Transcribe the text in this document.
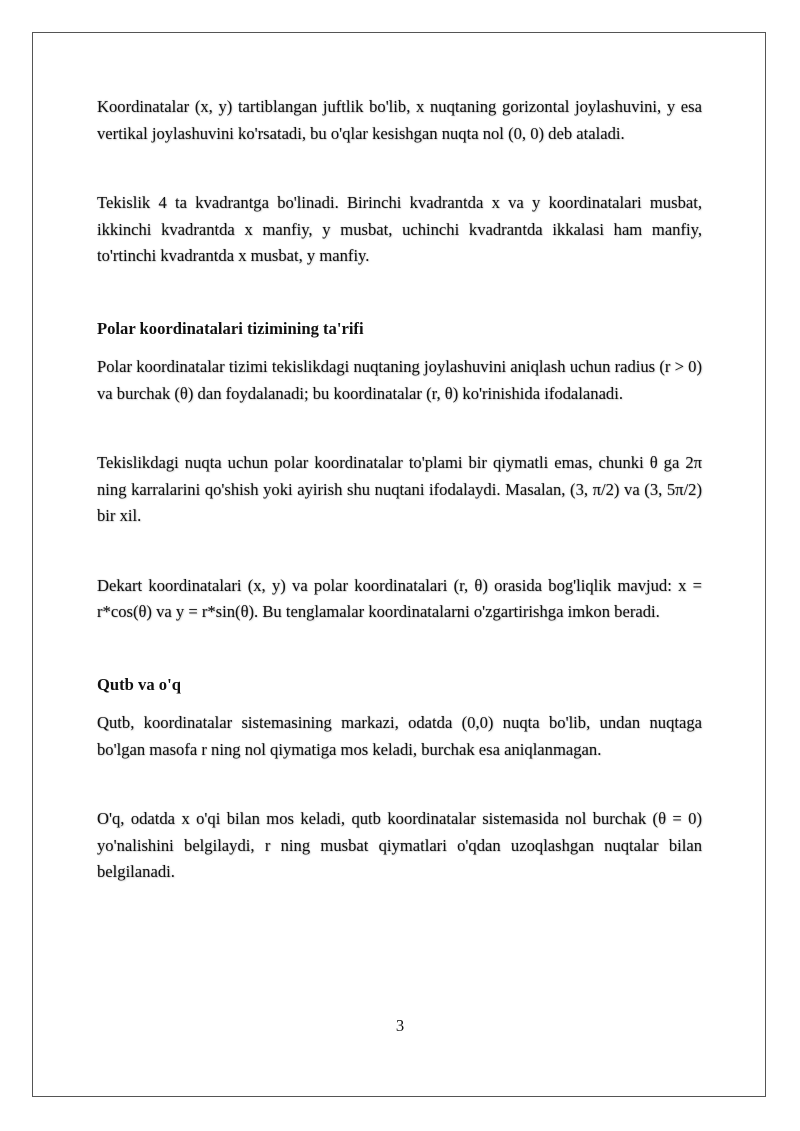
Koordinatalar (x, y) tartiblangan juftlik bo'lib, x nuqtaning gorizontal joylashuvini, y esa vertikal joylashuvini ko'rsatadi, bu o'qlar kesishgan nuqta nol (0, 0) deb ataladi.

Tekislik 4 ta kvadrantga bo'linadi. Birinchi kvadrantda x va y koordinatalari musbat, ikkinchi kvadrantda x manfiy, y musbat, uchinchi kvadrantda ikkalasi ham manfiy, to'rtinchi kvadrantda x musbat, y manfiy.

Polar koordinatalari tizimining ta'rifi

Polar koordinatalar tizimi tekislikdagi nuqtaning joylashuvini aniqlash uchun radius (r > 0) va burchak (θ) dan foydalanadi; bu koordinatalar (r, θ) ko'rinishida ifodalanadi.

Tekislikdagi nuqta uchun polar koordinatalar to'plami bir qiymatli emas, chunki θ ga 2π ning karralarini qo'shish yoki ayirish shu nuqtani ifodalaydi. Masalan, (3, π/2) va (3, 5π/2) bir xil.

Dekart koordinatalari (x, y) va polar koordinatalari (r, θ) orasida bog'liqlik mavjud: x = r*cos(θ) va y = r*sin(θ). Bu tenglamalar koordinatalarni o'zgartirishga imkon beradi.

Qutb va o'q

Qutb, koordinatalar sistemasining markazi, odatda (0,0) nuqta bo'lib, undan nuqtaga bo'lgan masofa r ning nol qiymatiga mos keladi, burchak esa aniqlanmagan.

O'q, odatda x o'qi bilan mos keladi, qutb koordinatalar sistemasida nol burchak (θ = 0) yo'nalishini belgilaydi, r ning musbat qiymatlari o'qdan uzoqlashgan nuqtalar bilan belgilanadi.

3
